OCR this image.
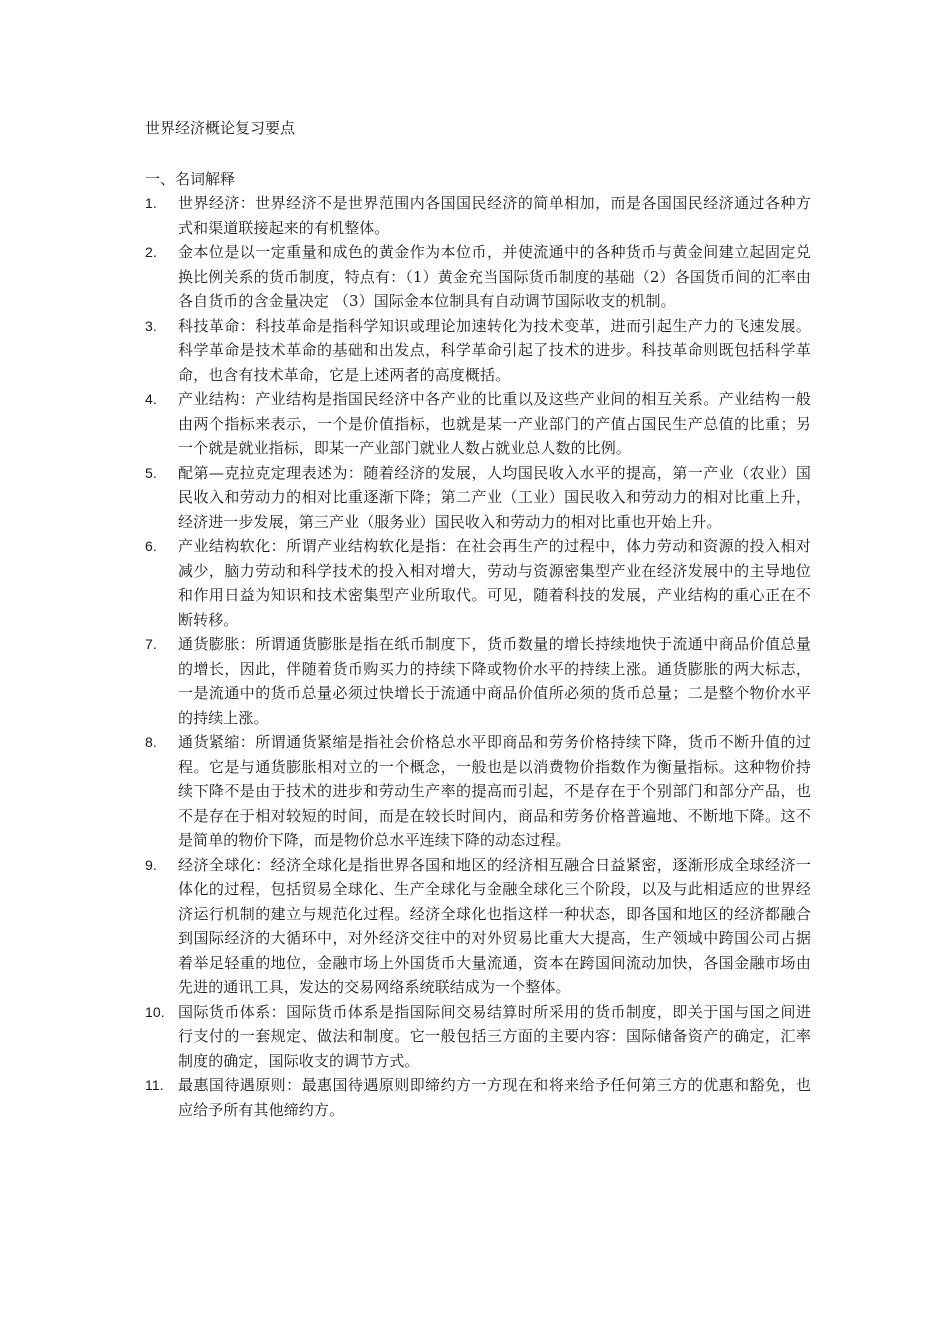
世界经济概论复习要点
一、名词解释
1.	世界经济：世界经济不是世界范围内各国国民经济的简单相加，而是各国国民经济通过各种方式和渠道联接起来的有机整体。
2.	金本位是以一定重量和成色的黄金作为本位币，并使流通中的各种货币与黄金间建立起固定兑换比例关系的货币制度，特点有：（1）黄金充当国际货币制度的基础（2）各国货币间的汇率由各自货币的含金量决定 （3）国际金本位制具有自动调节国际收支的机制。
3.	科技革命：科技革命是指科学知识或理论加速转化为技术变革，进而引起生产力的飞速发展。科学革命是技术革命的基础和出发点，科学革命引起了技术的进步。科技革命则既包括科学革命，也含有技术革命，它是上述两者的高度概括。
4.	产业结构：产业结构是指国民经济中各产业的比重以及这些产业间的相互关系。产业结构一般由两个指标来表示，一个是价值指标，也就是某一产业部门的产值占国民生产总值的比重；另一个就是就业指标，即某一产业部门就业人数占就业总人数的比例。
5.	配第—克拉克定理表述为：随着经济的发展，人均国民收入水平的提高，第一产业（农业）国民收入和劳动力的相对比重逐渐下降；第二产业（工业）国民收入和劳动力的相对比重上升，经济进一步发展，第三产业（服务业）国民收入和劳动力的相对比重也开始上升。
6.	产业结构软化：所谓产业结构软化是指：在社会再生产的过程中，体力劳动和资源的投入相对减少，脑力劳动和科学技术的投入相对增大，劳动与资源密集型产业在经济发展中的主导地位和作用日益为知识和技术密集型产业所取代。可见，随着科技的发展，产业结构的重心正在不断转移。
7.	通货膨胀：所谓通货膨胀是指在纸币制度下，货币数量的增长持续地快于流通中商品价值总量的增长，因此，伴随着货币购买力的持续下降或物价水平的持续上涨。通货膨胀的两大标志，一是流通中的货币总量必须过快增长于流通中商品价值所必须的货币总量；二是整个物价水平的持续上涨。
8.	通货紧缩：所谓通货紧缩是指社会价格总水平即商品和劳务价格持续下降，货币不断升值的过程。它是与通货膨胀相对立的一个概念，一般也是以消费物价指数作为衡量指标。这种物价持续下降不是由于技术的进步和劳动生产率的提高而引起，不是存在于个别部门和部分产品，也不是存在于相对较短的时间，而是在较长时间内，商品和劳务价格普遍地、不断地下降。这不是简单的物价下降，而是物价总水平连续下降的动态过程。
9.	经济全球化：经济全球化是指世界各国和地区的经济相互融合日益紧密，逐渐形成全球经济一体化的过程，包括贸易全球化、生产全球化与金融全球化三个阶段，以及与此相适应的世界经济运行机制的建立与规范化过程。经济全球化也指这样一种状态，即各国和地区的经济都融合到国际经济的大循环中，对外经济交往中的对外贸易比重大大提高，生产领域中跨国公司占据着举足轻重的地位，金融市场上外国货币大量流通，资本在跨国间流动加快，各国金融市场由先进的通讯工具，发达的交易网络系统联结成为一个整体。
10. 国际货币体系：国际货币体系是指国际间交易结算时所采用的货币制度，即关于国与国之间进行支付的一套规定、做法和制度。它一般包括三方面的主要内容：国际储备资产的确定，汇率制度的确定，国际收支的调节方式。
11. 最惠国待遇原则：最惠国待遇原则即缔约方一方现在和将来给予任何第三方的优惠和豁免，也应给予所有其他缔约方。
